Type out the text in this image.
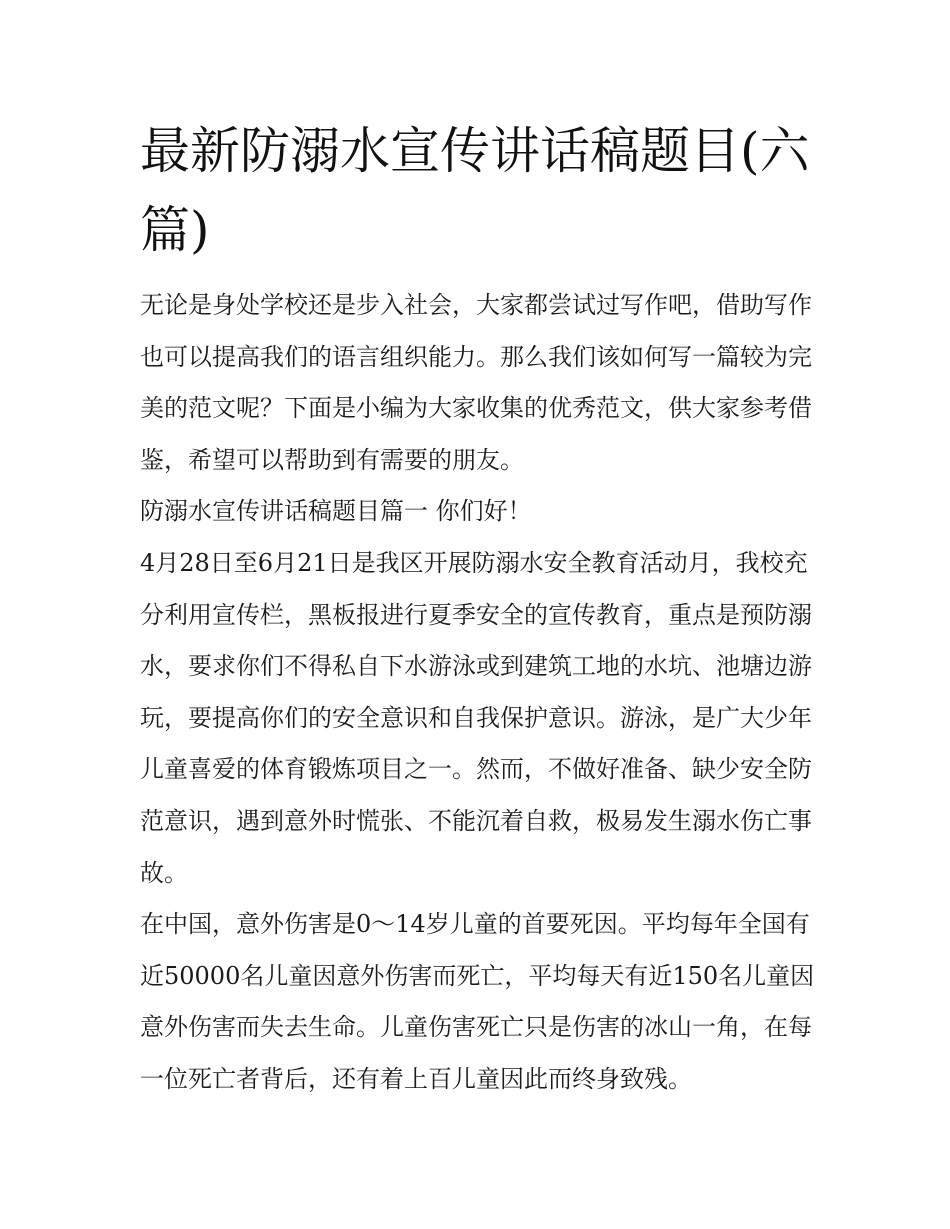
最新防溺水宣传讲话稿题目(六篇)

无论是身处学校还是步入社会，大家都尝试过写作吧，借助写作也可以提高我们的语言组织能力。那么我们该如何写一篇较为完美的范文呢？下面是小编为大家收集的优秀范文，供大家参考借鉴，希望可以帮助到有需要的朋友。

防溺水宣传讲话稿题目篇一 你们好！

4月28日至6月21日是我区开展防溺水安全教育活动月，我校充分利用宣传栏，黑板报进行夏季安全的宣传教育，重点是预防溺水，要求你们不得私自下水游泳或到建筑工地的水坑、池塘边游玩，要提高你们的安全意识和自我保护意识。游泳，是广大少年儿童喜爱的体育锻炼项目之一。然而，不做好准备、缺少安全防范意识，遇到意外时慌张、不能沉着自救，极易发生溺水伤亡事故。

在中国，意外伤害是0～14岁儿童的首要死因。平均每年全国有近50000名儿童因意外伤害而死亡，平均每天有近150名儿童因意外伤害而失去生命。儿童伤害死亡只是伤害的冰山一角，在每一位死亡者背后，还有着上百儿童因此而终身致残。
